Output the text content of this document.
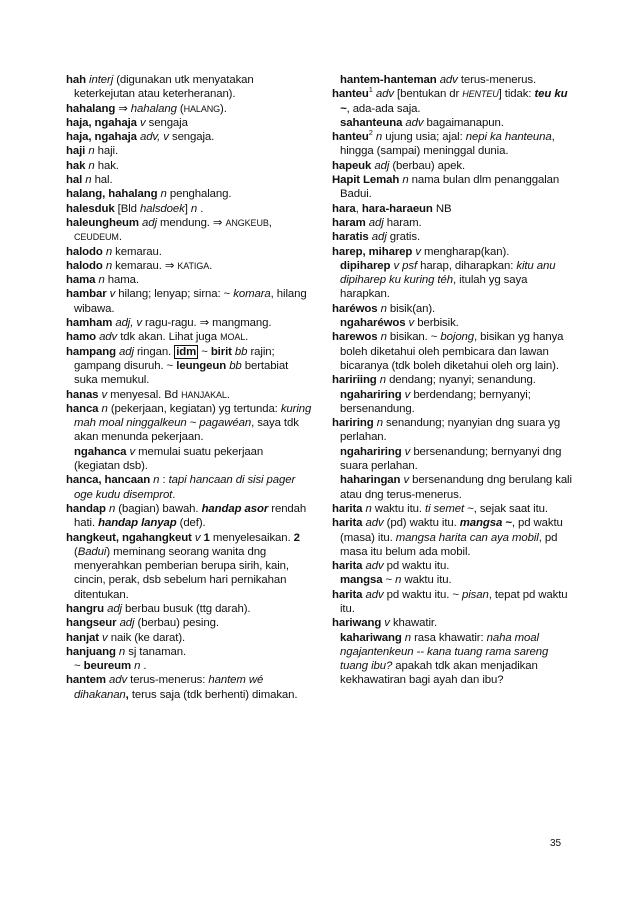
hah interj (digunakan utk menyatakan keterkejutan atau keterheranan).

hahalang ⇒ hahalang (HALANG).

haja, ngahaja v sengaja

haja, ngahaja adv, v sengaja.

haji n haji.

hak n hak.

hal n hal.

halang, hahalang n penghalang.

halesduk [Bld halsdoek] n .

haleungheum adj mendung. ⇒ ANGKEUB, CEUDEUM.

halodo n kemarau.

halodo n kemarau. ⇒ KATIGA.

hama n hama.

hambar v hilang; lenyap; sirna: ~ komara, hilang wibawa.

hamham adj, v ragu-ragu. ⇒ mangmang.

hamo adv tdk akan. Lihat juga MOAL.

hampang adj ringan. idm ~ birit bb rajin; gampang disuruh. ~ leungeun bb bertabiat suka memukul.

hanas v menyesal. Bd HANJAKAL.

hanca n (pekerjaan, kegiatan) yg tertunda: kuring mah moal ninggalkeun ~ pagawéan, saya tdk akan menunda pekerjaan.

ngahanca v memulai suatu pekerjaan (kegiatan dsb).

hanca, hancaan n : tapi hancaan di sisi pager oge kudu disemprot.

handap n (bagian) bawah. handap asor rendah hati. handap lanyap (def).

hangkeut, ngahangkeut v 1 menyelesaikan. 2 (Badui) meminang seorang wanita dng menyerahkan pemberian berupa sirih, kain, cincin, perak, dsb sebelum hari pernikahan ditentukan.

hangru adj berbau busuk (ttg darah).

hangseur adj (berbau) pesing.

hanjat v naik (ke darat).

hanjuang n sj tanaman.

~ beureum n .

hantem adv terus-menerus: hantem wé dihakanan, terus saja (tdk berhenti) dimakan.

hantem-hanteman adv terus-menerus.

hanteu$^1$ adv [bentukan dr HENTEU] tidak: teu ku ~, ada-ada saja.

sahanteuna adv bagaimanapun.

hanteu$^2$ n ujung usia; ajal: nepi ka hanteuna, hingga (sampai) meninggal dunia.

hapeuk adj (berbau) apek.

Hapit Lemah n nama bulan dlm penanggalan Badui.

hara, hara-haraeun NB

haram adj haram.

haratis adj gratis.

harep, miharep v mengharap(kan).

dipiharep v psf harap, diharapkan: kitu anu dipiharep ku kuring téh, itulah yg saya harapkan.

haréwos n bisik(an).

ngaharéwos v berbisik.

harewos n bisikan. ~ bojong, bisikan yg hanya boleh diketahui oleh pembicara dan lawan bicaranya (tdk boleh diketahui oleh org lain).

haririing n dendang; nyanyi; senandung.

ngahariring v berdendang; bernyanyi; bersenandung.

hariring n senandung; nyanyian dng suara yg perlahan.

ngahariring v bersenandung; bernyanyi dng suara perlahan.

haharingan v bersenandung dng berulang kali atau dng terus-menerus.

harita n waktu itu. ti semet ~, sejak saat itu.

harita adv (pd) waktu itu. mangsa ~, pd waktu (masa) itu. mangsa harita can aya mobil, pd masa itu belum ada mobil.

harita adv pd waktu itu.

mangsa ~ n waktu itu.

harita adv pd waktu itu. ~ pisan, tepat pd waktu itu.

hariwang v khawatir.

kahariwang n rasa khawatir: naha moal ngajantenkeun -- kana tuang rama sareng tuang ibu? apakah tdk akan menjadikan kekhawatiran bagi ayah dan ibu?

35
